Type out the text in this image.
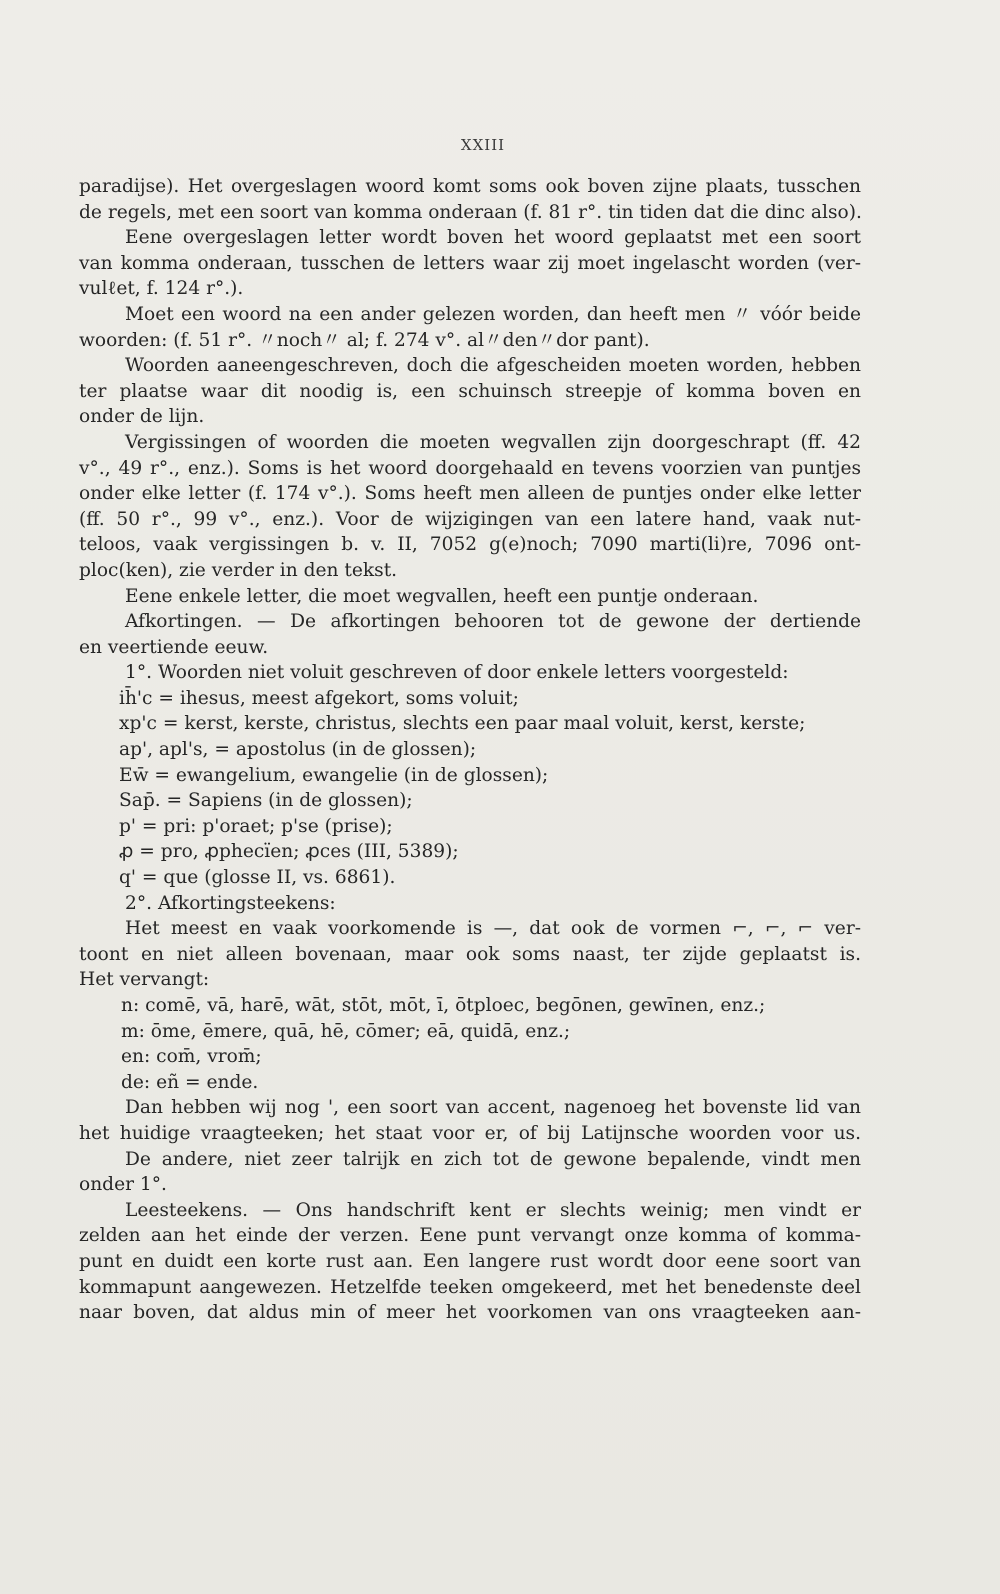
XXIII
paradijse). Het overgeslagen woord komt soms ook boven zijne plaats, tusschen
de regels, met een soort van komma onderaan (f. 81 r°. tin tiden dat die dinc also).
Eene overgeslagen letter wordt boven het woord geplaatst met een soort
van komma onderaan, tusschen de letters waar zij moet ingelascht worden (ver-
vulℓet, f. 124 r°.).
Moet een woord na een ander gelezen worden, dan heeft men 〃 vóór beide
woorden: (f. 51 r°. 〃noch〃 al; f. 274 v°. al〃den〃dor pant).
Woorden aaneengeschreven, doch die afgescheiden moeten worden, hebben
ter plaatse waar dit noodig is, een schuinsch streepje of komma boven en
onder de lijn.
Vergissingen of woorden die moeten wegvallen zijn doorgeschrapt (ff. 42
v°., 49 r°., enz.). Soms is het woord doorgehaald en tevens voorzien van puntjes
onder elke letter (f. 174 v°.). Soms heeft men alleen de puntjes onder elke letter
(ff. 50 r°., 99 v°., enz.). Voor de wijzigingen van een latere hand, vaak nut-
teloos, vaak vergissingen b. v. II, 7052 g(e)noch; 7090 marti(li)re, 7096 ont-
ploc(ken), zie verder in den tekst.
Eene enkele letter, die moet wegvallen, heeft een puntje onderaan.
Afkortingen. — De afkortingen behooren tot de gewone der dertiende
en veertiende eeuw.
1°. Woorden niet voluit geschreven of door enkele letters voorgesteld:
ih̄'c = ihesus, meest afgekort, soms voluit;
xp'c = kerst, kerste, christus, slechts een paar maal voluit, kerst, kerste;
ap', apl's, = apostolus (in de glossen);
Ew̄ = ewangelium, ewangelie (in de glossen);
Sap̄. = Sapiens (in de glossen);
p' = pri: p'oraet; p'se (prise);
ꝓ = pro, ꝓphecïen; ꝓces (III, 5389);
q' = que (glosse II, vs. 6861).
2°. Afkortingsteekens:
Het meest en vaak voorkomende is —, dat ook de vormen ⌐, ⌐, ⌐ ver-
toont en niet alleen bovenaan, maar ook soms naast, ter zijde geplaatst is.
Het vervangt:
n: comē, vā, harē, wāt, stōt, mōt, ī, ōtploec, begōnen, gewīnen, enz.;
m: ōme, ēmere, quā, hē, cōmer; eā, quidā, enz.;
en: com̄, vrom̄;
de: eñ = ende.
Dan hebben wij nog ', een soort van accent, nagenoeg het bovenste lid van
het huidige vraagteeken; het staat voor er, of bij Latijnsche woorden voor us.
De andere, niet zeer talrijk en zich tot de gewone bepalende, vindt men
onder 1°.
Leesteekens. — Ons handschrift kent er slechts weinig; men vindt er
zelden aan het einde der verzen. Eene punt vervangt onze komma of komma-
punt en duidt een korte rust aan. Een langere rust wordt door eene soort van
kommapunt aangewezen. Hetzelfde teeken omgekeerd, met het benedenste deel
naar boven, dat aldus min of meer het voorkomen van ons vraagteeken aan-
